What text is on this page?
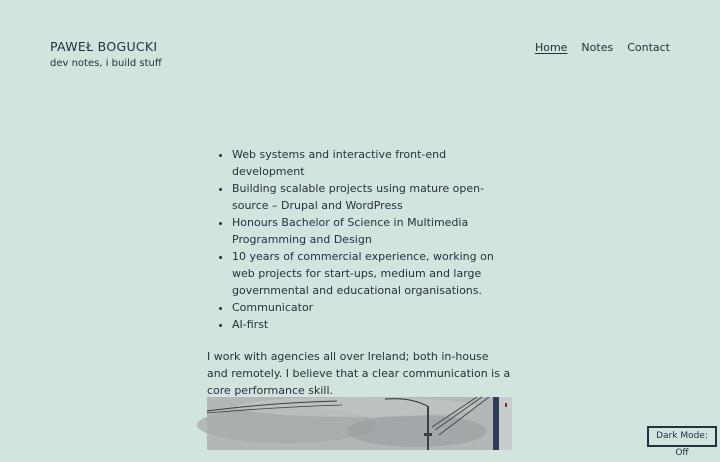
PAWEŁ BOGUCKI
dev notes, i build stuff
Home Notes Contact
• Web systems and interactive front-end development
• Building scalable projects using mature open-source – Drupal and WordPress
• Honours Bachelor of Science in Multimedia Programming and Design
• 10 years of commercial experience, working on web projects for start-ups, medium and large governmental and educational organisations.
• Communicator
• AI-first

I work with agencies all over Ireland; both in-house and remotely. I believe that a clear communication is a core performance skill.

Dark Mode: Off
